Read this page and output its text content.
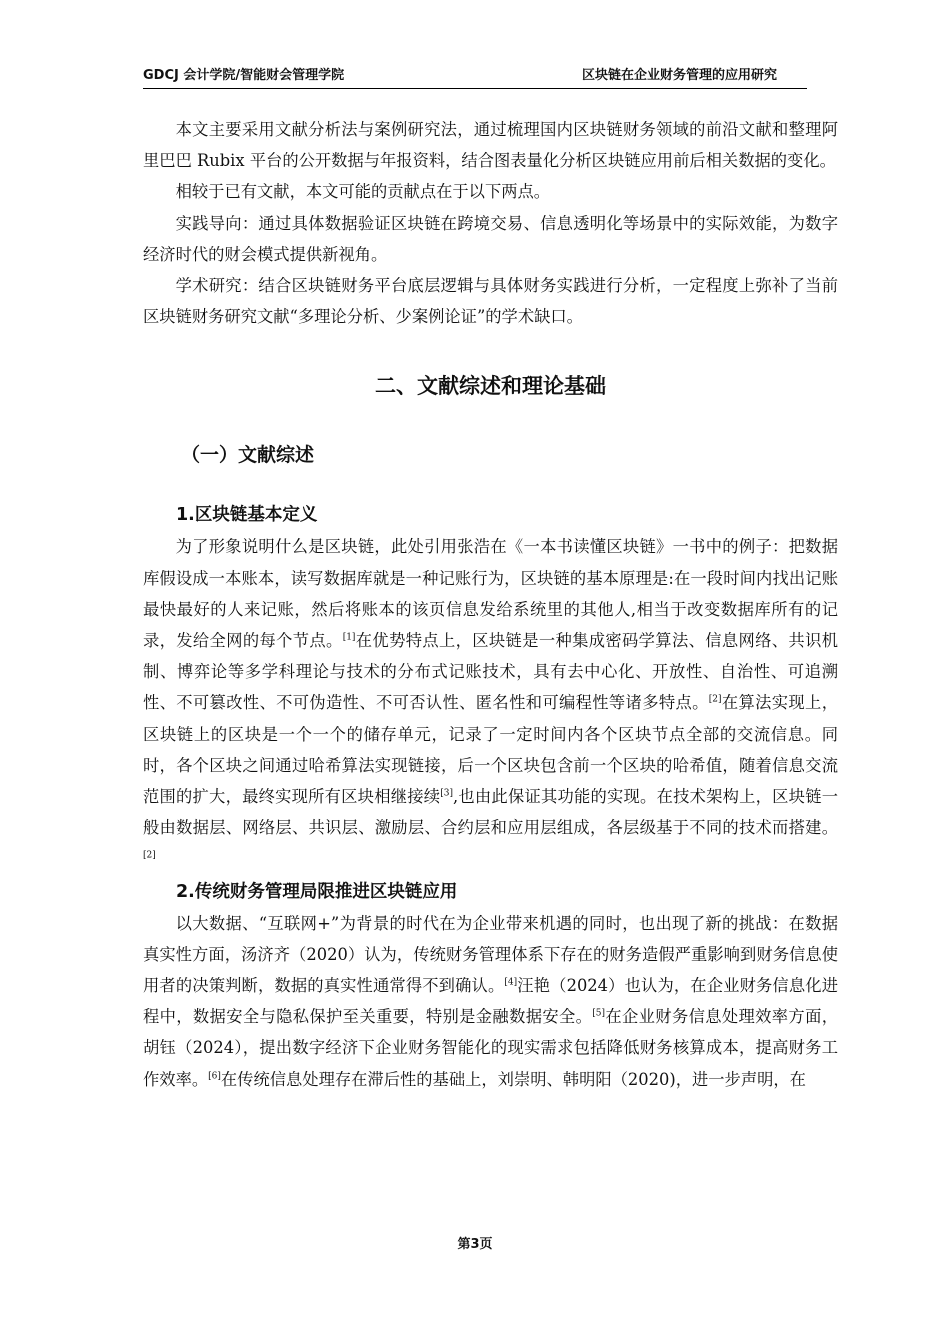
GDCJ 会计学院/智能财会管理学院	区块链在企业财务管理的应用研究

本文主要采用文献分析法与案例研究法，通过梳理国内区块链财务领域的前沿文献和整理阿里巴巴 Rubix 平台的公开数据与年报资料，结合图表量化分析区块链应用前后相关数据的变化。

相较于已有文献，本文可能的贡献点在于以下两点。

实践导向：通过具体数据验证区块链在跨境交易、信息透明化等场景中的实际效能，为数字经济时代的财会模式提供新视角。

学术研究：结合区块链财务平台底层逻辑与具体财务实践进行分析，一定程度上弥补了当前区块链财务研究文献“多理论分析、少案例论证”的学术缺口。

二、文献综述和理论基础
（一）文献综述
1.区块链基本定义

为了形象说明什么是区块链，此处引用张浩在《一本书读懂区块链》一书中的例子：把数据库假设成一本账本，读写数据库就是一种记账行为，区块链的基本原理是:在一段时间内找出记账最快最好的人来记账，然后将账本的该页信息发给系统里的其他人,相当于改变数据库所有的记录，发给全网的每个节点。[1]在优势特点上，区块链是一种集成密码学算法、信息网络、共识机制、博弈论等多学科理论与技术的分布式记账技术，具有去中心化、开放性、自治性、可追溯性、不可篡改性、不可伪造性、不可否认性、匿名性和可编程性等诸多特点。[2]在算法实现上，区块链上的区块是一个一个的储存单元，记录了一定时间内各个区块节点全部的交流信息。同时，各个区块之间通过哈希算法实现链接，后一个区块包含前一个区块的哈希值，随着信息交流范围的扩大，最终实现所有区块相继接续[3],也由此保证其功能的实现。在技术架构上，区块链一般由数据层、网络层、共识层、激励层、合约层和应用层组成，各层级基于不同的技术而搭建。[2]

2.传统财务管理局限推进区块链应用

以大数据、“互联网+”为背景的时代在为企业带来机遇的同时，也出现了新的挑战：在数据真实性方面，汤济齐（2020）认为，传统财务管理体系下存在的财务造假严重影响到财务信息使用者的决策判断，数据的真实性通常得不到确认。[4]汪艳（2024）也认为，在企业财务信息化进程中，数据安全与隐私保护至关重要，特别是金融数据安全。[5]在企业财务信息处理效率方面，胡钰（2024），提出数字经济下企业财务智能化的现实需求包括降低财务核算成本，提高财务工作效率。[6]在传统信息处理存在滞后性的基础上，刘崇明、韩明阳（2020)，进一步声明，在

第3页
